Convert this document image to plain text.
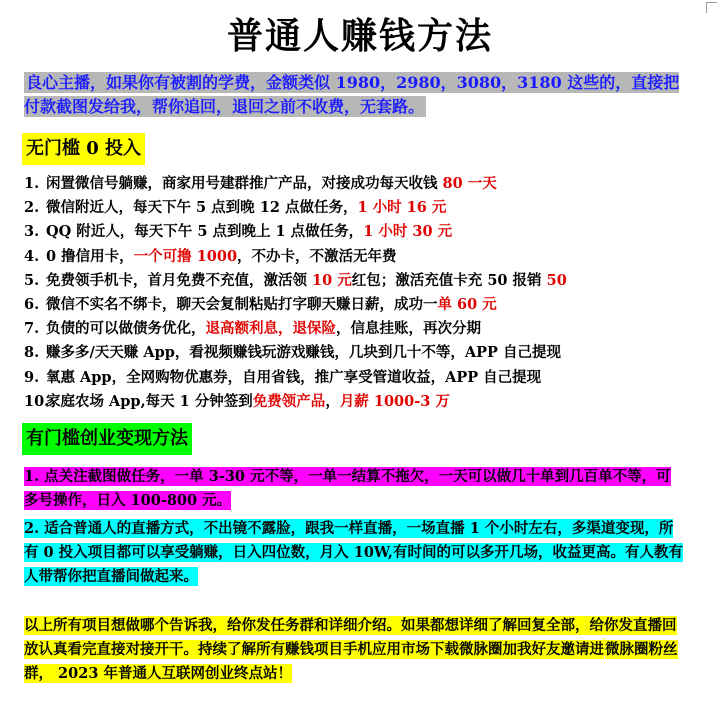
普通人赚钱方法
良心主播，如果你有被割的学费，金额类似 1980，2980，3080，3180 这些的，直接把付款截图发给我，帮你追回，退回之前不收费，无套路。
无门槛 0 投入
1. 闲置微信号躺赚，商家用号建群推广产品，对接成功每天收钱 80 一天
2. 微信附近人，每天下午 5 点到晚 12 点做任务，1 小时 16 元
3. QQ 附近人，每天下午 5 点到晚上 1 点做任务，1 小时 30 元
4. 0 撸信用卡，一个可撸 1000，不办卡，不激活无年费
5. 免费领手机卡，首月免费不充值，激活领 10 元红包；激活充值卡充 50 报销 50
6. 微信不实名不绑卡，聊天会复制粘贴打字聊天赚日薪，成功一单 60 元
7. 负债的可以做债务优化，退高额利息，退保险，信息挂账，再次分期
8. 赚多多/天天赚 App，看视频赚钱玩游戏赚钱，几块到几十不等，APP 自己提现
9. 氧惠 App，全网购物优惠券，自用省钱，推广享受管道收益，APP 自己提现
10.家庭农场 App,每天 1 分钟签到免费领产品，月薪 1000-3 万
有门槛创业变现方法
1. 点关注截图做任务，一单 3-30 元不等，一单一结算不拖欠，一天可以做几十单到几百单不等，可多号操作，日入 100-800 元。
2. 适合普通人的直播方式，不出镜不露脸，跟我一样直播，一场直播 1 个小时左右，多渠道变现，所有 0 投入项目都可以享受躺赚，日入四位数，月入 10W,有时间的可以多开几场，收益更高。有人教有人带帮你把直播间做起来。
以上所有项目想做哪个告诉我，给你发任务群和详细介绍。如果都想详细了解回复全部，给你发直播回放认真看完直接对接开干。持续了解所有赚钱项目手机应用市场下载微脉圈加我好友邀请进微脉圈粉丝群， 2023 年普通人互联网创业终点站！
